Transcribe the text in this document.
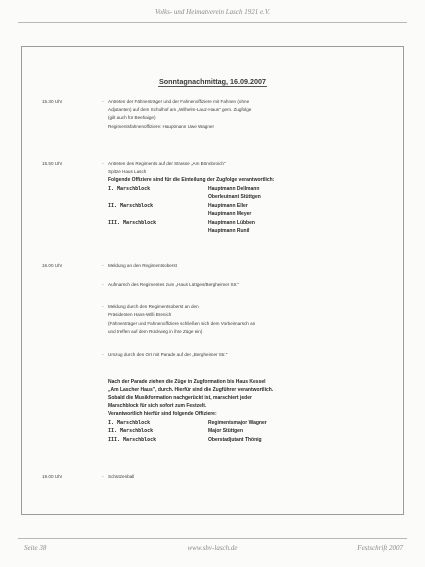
Volks- und Heimatverein Lasch 1921 e.V.
Sonntagnachmittag, 16.09.2007
15.30 Uhr	- Antreten der Fähnenträger und der Fahnenoffiziere mit Fahnen (ohne
Adjutanten) auf dem Schulhof am „Wilhelm-Lauz-Haus" gem. Zugfolge
(gilt auch für Beehaige)
Regimentsfahnenoffiziere: Hauptmann Uwe Wagner
15.50 Uhr	- Antreten des Regiments auf der Strasse „Am Bönnbroich"
Spitze Haus Lasch
Folgende Offiziere sind für die Einteilung der Zugfolge verantwortlich:
I. Marschblock	Hauptmann Dellmann
Oberleutnant Stüttgen
II. Marschblock	Hauptmann Eller
Hauptmann Meyer
III. Marschblock	Hauptmann Lübben
Hauptmann Runil
16.00 Uhr	- Meldung an den Regimentsoberst
- Aufmarsch des Regimentes zum „Haus Lüttges/Bergheimer Str."
- Meldung durch den Regimentsoberst an den
Präsidenten Hans-Willi Brenich
(Fähnenträger und Fahnenoffiziere schließen sich dem Vorbeimarsch an
und treffen auf dem Rückweg in ihre Züge ein)
- Umzug durch den Ort mit Parade auf der „Bergheimer Str."
Nach der Parade ziehen die Züge in Zugformation bis Haus Kessel
„Am Lascher Haus", durch. Hierfür sind die Zugführer verantwortlich.
Sobald die Musikformation nachgerückt ist, marschiert jeder
Marschblock für sich sofort zum Festzelt.
Verantwortlich hierfür sind folgende Offiziere:
I. Marschblock	Regimentsmajor Wagner
II. Marschblock	Major Stüttgen
III. Marschblock	Oberstadjutant Thönig
19.00 Uhr	- Schützenball
Seite 38	www.shv-lasch.de	Festschrift 2007
